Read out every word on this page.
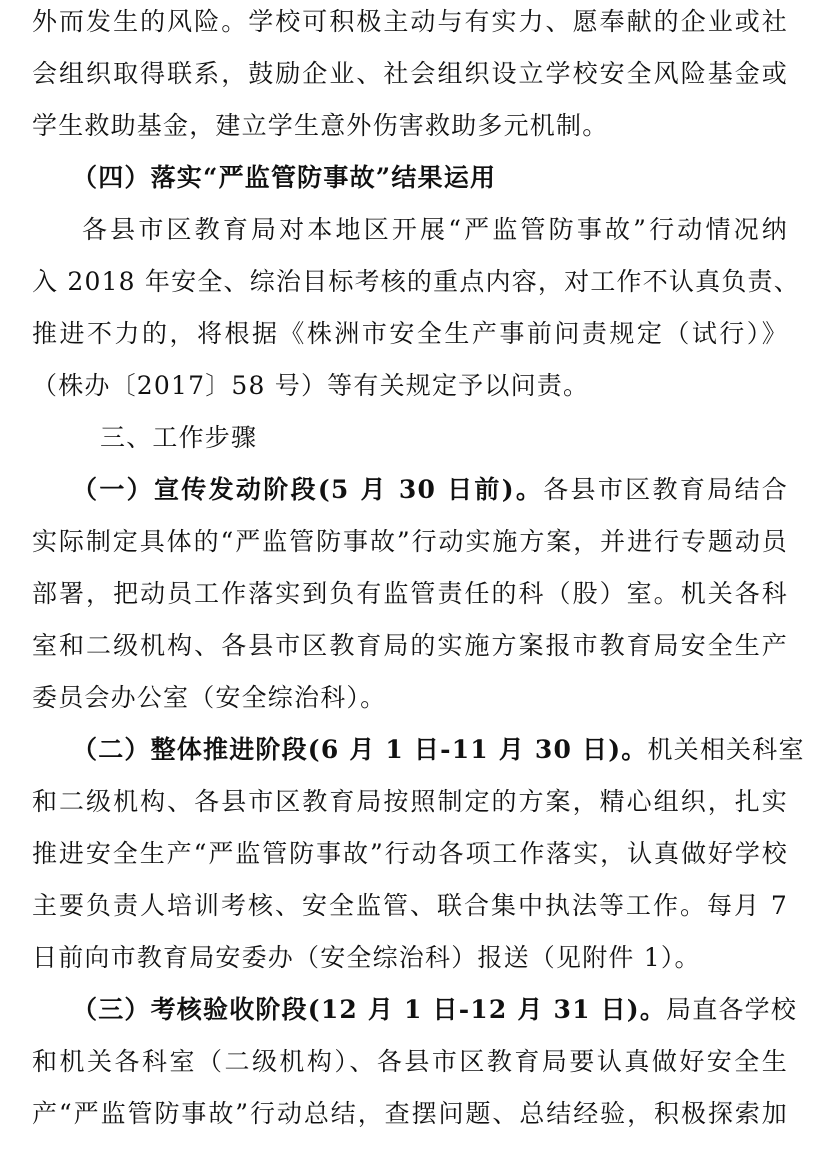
外而发生的风险。学校可积极主动与有实力、愿奉献的企业或社
会组织取得联系，鼓励企业、社会组织设立学校安全风险基金或
学生救助基金，建立学生意外伤害救助多元机制。
（四）落实“严监管防事故”结果运用
各县市区教育局对本地区开展“严监管防事故”行动情况纳
入 2018 年安全、综治目标考核的重点内容，对工作不认真负责、
推进不力的，将根据《株洲市安全生产事前问责规定（试行）》
（株办〔2017〕58 号）等有关规定予以问责。
三、工作步骤
（一）宣传发动阶段(5 月 30 日前)。各县市区教育局结合
实际制定具体的“严监管防事故”行动实施方案，并进行专题动员
部署，把动员工作落实到负有监管责任的科（股）室。机关各科
室和二级机构、各县市区教育局的实施方案报市教育局安全生产
委员会办公室（安全综治科）。
（二）整体推进阶段(6 月 1 日-11 月 30 日)。机关相关科室
和二级机构、各县市区教育局按照制定的方案，精心组织，扎实
推进安全生产“严监管防事故”行动各项工作落实，认真做好学校
主要负责人培训考核、安全监管、联合集中执法等工作。每月 7
日前向市教育局安委办（安全综治科）报送（见附件 1）。
（三）考核验收阶段(12 月 1 日-12 月 31 日)。局直各学校
和机关各科室（二级机构）、各县市区教育局要认真做好安全生
产“严监管防事故”行动总结，查摆问题、总结经验，积极探索加
